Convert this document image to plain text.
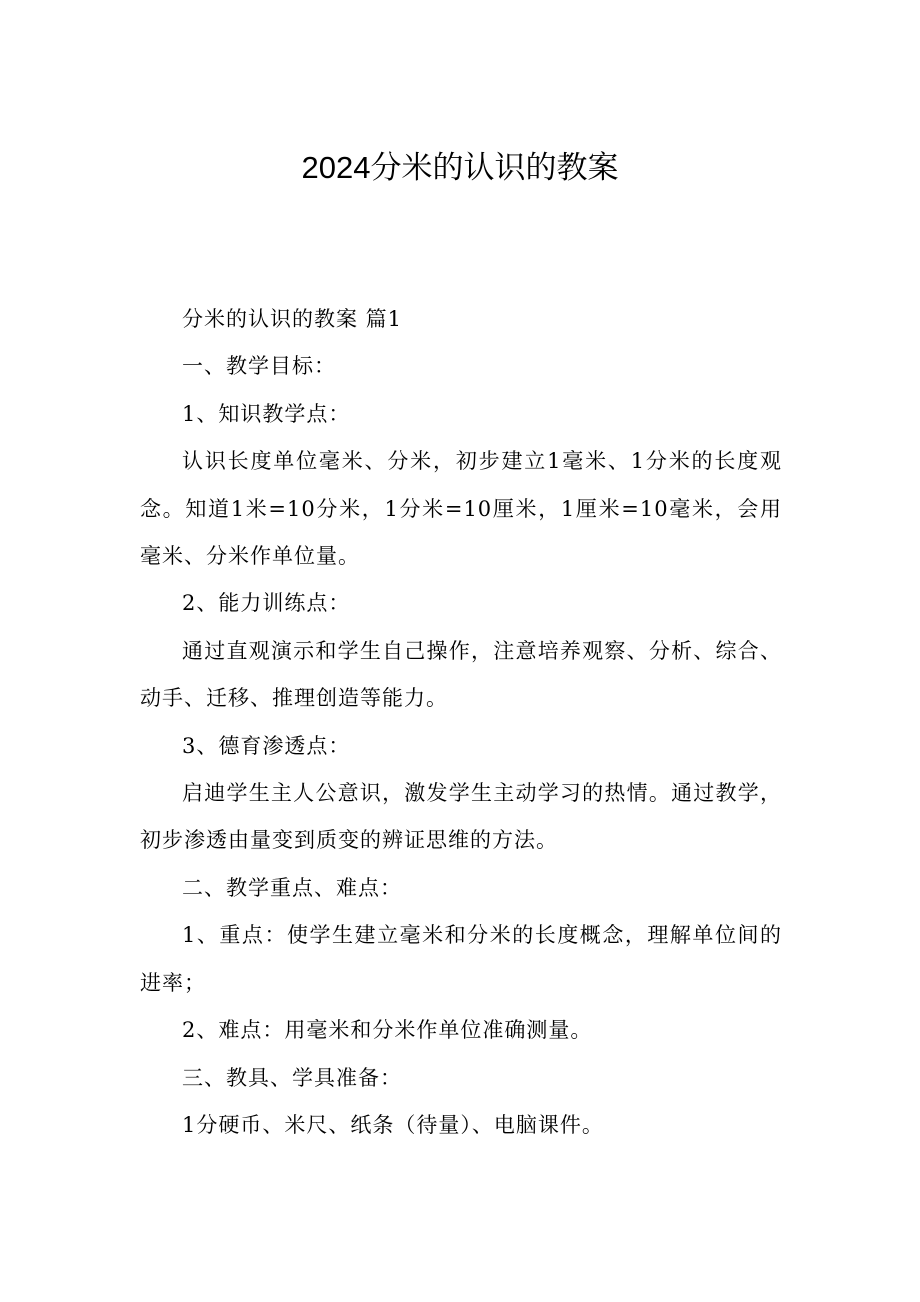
2024分米的认识的教案

分米的认识的教案 篇1

一、教学目标：

1、知识教学点：

认识长度单位毫米、分米，初步建立1毫米、1分米的长度观念。知道1米=10分米，1分米=10厘米，1厘米=10毫米，会用毫米、分米作单位量。

2、能力训练点：

通过直观演示和学生自己操作，注意培养观察、分析、综合、动手、迁移、推理创造等能力。

3、德育渗透点：

启迪学生主人公意识，激发学生主动学习的热情。通过教学，初步渗透由量变到质变的辨证思维的方法。

二、教学重点、难点：

1、重点：使学生建立毫米和分米的长度概念，理解单位间的进率；

2、难点：用毫米和分米作单位准确测量。

三、教具、学具准备：

1分硬币、米尺、纸条（待量）、电脑课件。
